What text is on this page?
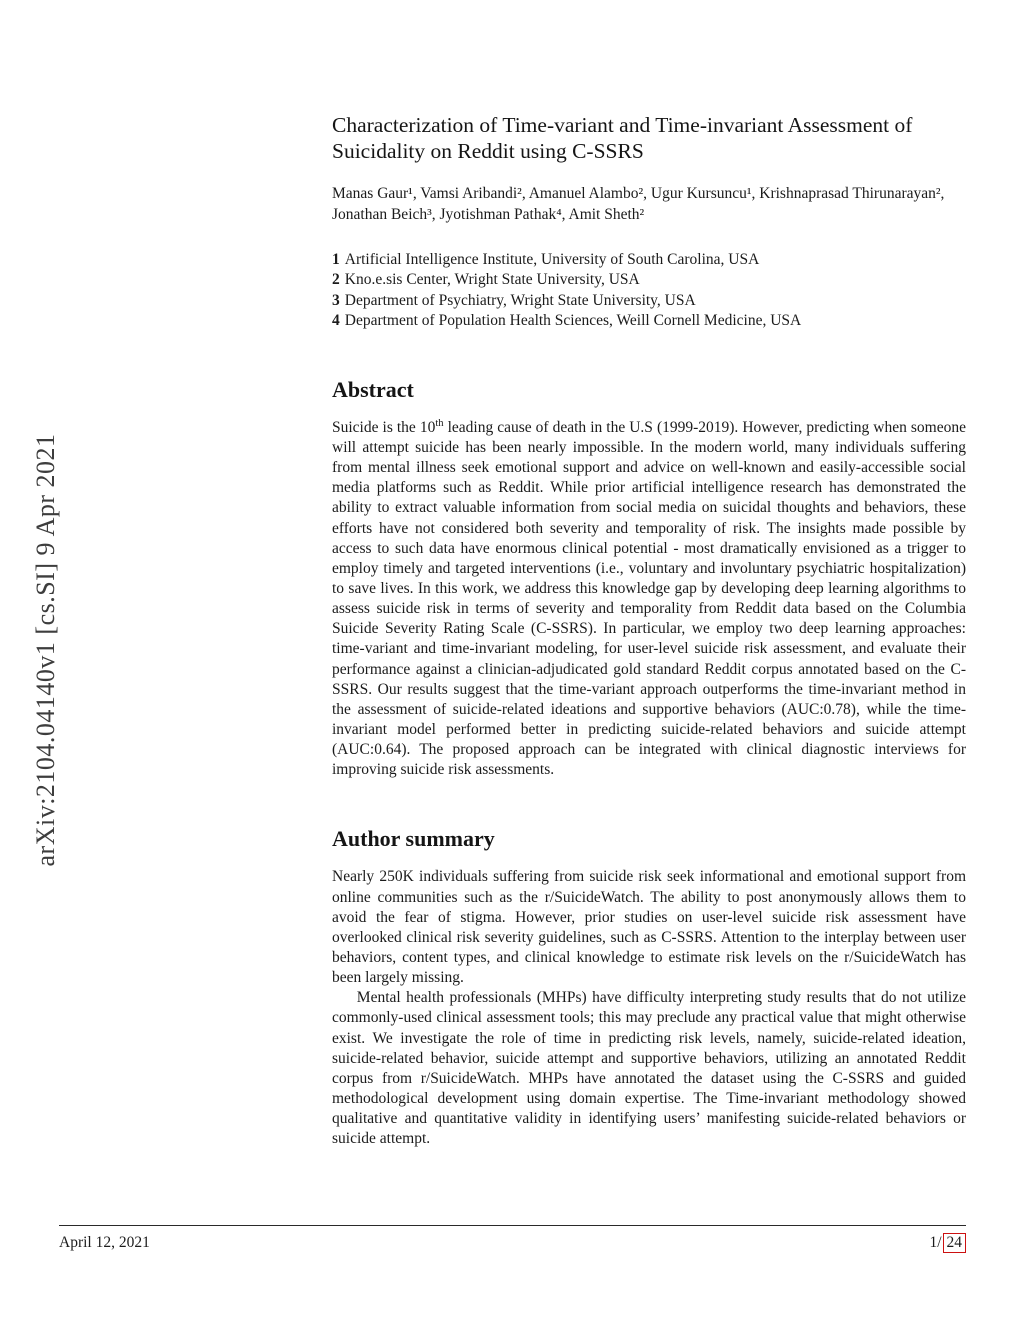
arXiv:2104.04140v1 [cs.SI] 9 Apr 2021
Characterization of Time-variant and Time-invariant Assessment of Suicidality on Reddit using C-SSRS

Manas Gaur¹, Vamsi Aribandi², Amanuel Alambo², Ugur Kursuncu¹, Krishnaprasad Thirunarayan², Jonathan Beich³, Jyotishman Pathak⁴, Amit Sheth²

1 Artificial Intelligence Institute, University of South Carolina, USA
2 Kno.e.sis Center, Wright State University, USA
3 Department of Psychiatry, Wright State University, USA
4 Department of Population Health Sciences, Weill Cornell Medicine, USA
Abstract

Suicide is the 10th leading cause of death in the U.S (1999-2019). However, predicting when someone will attempt suicide has been nearly impossible. In the modern world, many individuals suffering from mental illness seek emotional support and advice on well-known and easily-accessible social media platforms such as Reddit. While prior artificial intelligence research has demonstrated the ability to extract valuable information from social media on suicidal thoughts and behaviors, these efforts have not considered both severity and temporality of risk. The insights made possible by access to such data have enormous clinical potential - most dramatically envisioned as a trigger to employ timely and targeted interventions (i.e., voluntary and involuntary psychiatric hospitalization) to save lives. In this work, we address this knowledge gap by developing deep learning algorithms to assess suicide risk in terms of severity and temporality from Reddit data based on the Columbia Suicide Severity Rating Scale (C-SSRS). In particular, we employ two deep learning approaches: time-variant and time-invariant modeling, for user-level suicide risk assessment, and evaluate their performance against a clinician-adjudicated gold standard Reddit corpus annotated based on the C-SSRS. Our results suggest that the time-variant approach outperforms the time-invariant method in the assessment of suicide-related ideations and supportive behaviors (AUC:0.78), while the time-invariant model performed better in predicting suicide-related behaviors and suicide attempt (AUC:0.64). The proposed approach can be integrated with clinical diagnostic interviews for improving suicide risk assessments.

Author summary

Nearly 250K individuals suffering from suicide risk seek informational and emotional support from online communities such as the r/SuicideWatch. The ability to post anonymously allows them to avoid the fear of stigma. However, prior studies on user-level suicide risk assessment have overlooked clinical risk severity guidelines, such as C-SSRS. Attention to the interplay between user behaviors, content types, and clinical knowledge to estimate risk levels on the r/SuicideWatch has been largely missing.

Mental health professionals (MHPs) have difficulty interpreting study results that do not utilize commonly-used clinical assessment tools; this may preclude any practical value that might otherwise exist. We investigate the role of time in predicting risk levels, namely, suicide-related ideation, suicide-related behavior, suicide attempt and supportive behaviors, utilizing an annotated Reddit corpus from r/SuicideWatch. MHPs have annotated the dataset using the C-SSRS and guided methodological development using domain expertise. The Time-invariant methodology showed qualitative and quantitative validity in identifying users’ manifesting suicide-related behaviors or suicide attempt.

April 12, 2021	1 / 24
